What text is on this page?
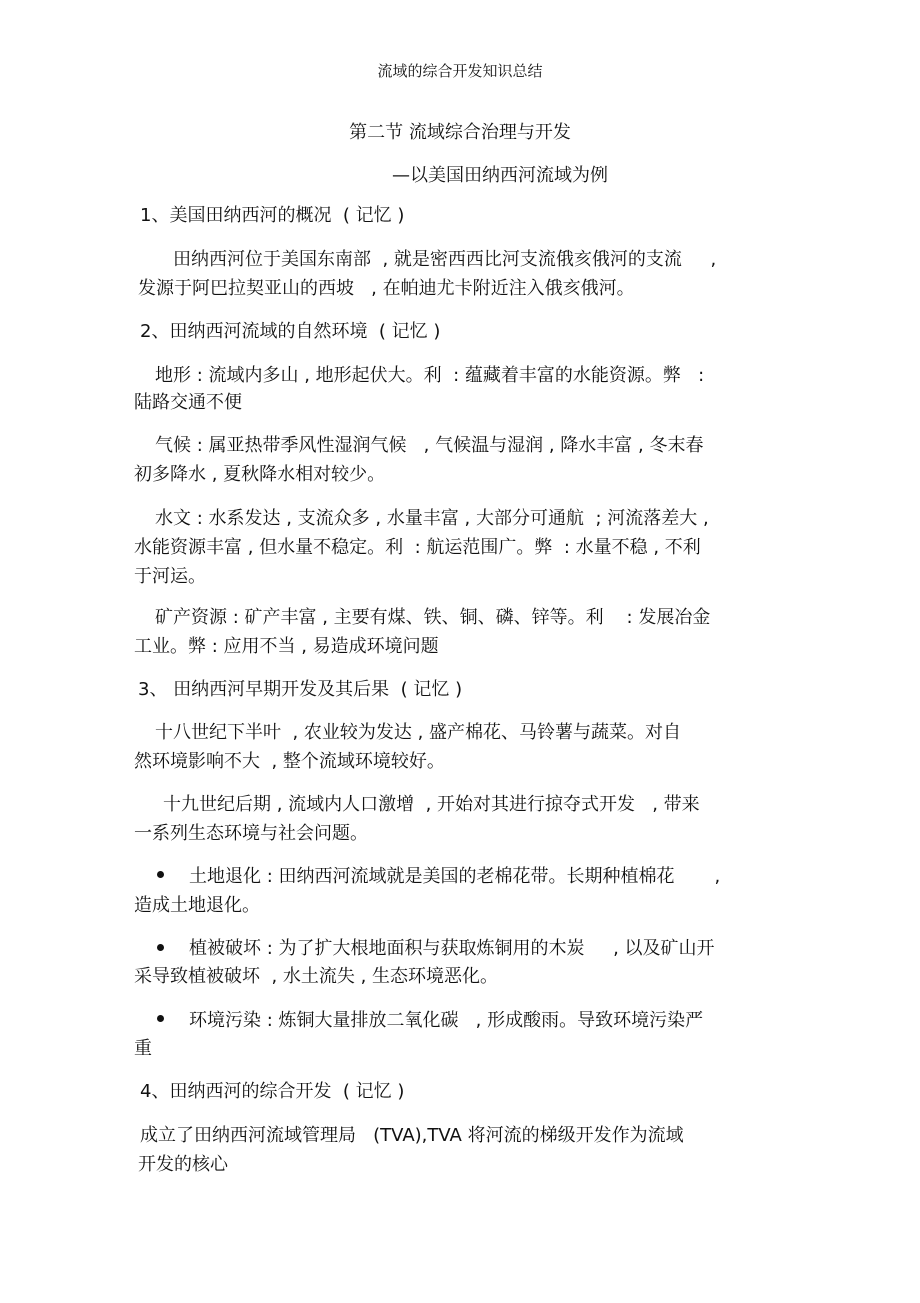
流域的综合开发知识总结
第二节 流域综合治理与开发
—以美国田纳西河流域为例
1、美国田纳西河的概况  ( 记忆 )
田纳西河位于美国东南部  , 就是密西西比河支流俄亥俄河的支流     ,
发源于阿巴拉契亚山的西坡   , 在帕迪尤卡附近注入俄亥俄河。
2、田纳西河流域的自然环境  ( 记忆 )
地形 : 流域内多山 , 地形起伏大。利  : 蕴藏着丰富的水能资源。弊   :
陆路交通不便
气候 : 属亚热带季风性湿润气候   , 气候温与湿润 , 降水丰富 , 冬末春
初多降水 , 夏秋降水相对较少。
水文 : 水系发达 , 支流众多 , 水量丰富 , 大部分可通航  ; 河流落差大 ,
水能资源丰富 , 但水量不稳定。利  : 航运范围广。弊  : 水量不稳 , 不利
于河运。
矿产资源 : 矿产丰富 , 主要有煤、铁、铜、磷、锌等。利    : 发展冶金
工业。弊 : 应用不当 , 易造成环境问题
3、 田纳西河早期开发及其后果  ( 记忆 )
十八世纪下半叶  , 农业较为发达 , 盛产棉花、马铃薯与蔬菜。对自
然环境影响不大  , 整个流域环境较好。
十九世纪后期 , 流域内人口激增  , 开始对其进行掠夺式开发   , 带来
一系列生态环境与社会问题。
土地退化 : 田纳西河流域就是美国的老棉花带。长期种植棉花       ,
造成土地退化。
植被破坏 : 为了扩大根地面积与获取炼铜用的木炭     , 以及矿山开
采导致植被破坏  , 水土流失 , 生态环境恶化。
环境污染 : 炼铜大量排放二氧化碳   , 形成酸雨。导致环境污染严
重
4、田纳西河的综合开发  ( 记忆 )
成立了田纳西河流域管理局   (TVA),TVA 将河流的梯级开发作为流域
开发的核心
